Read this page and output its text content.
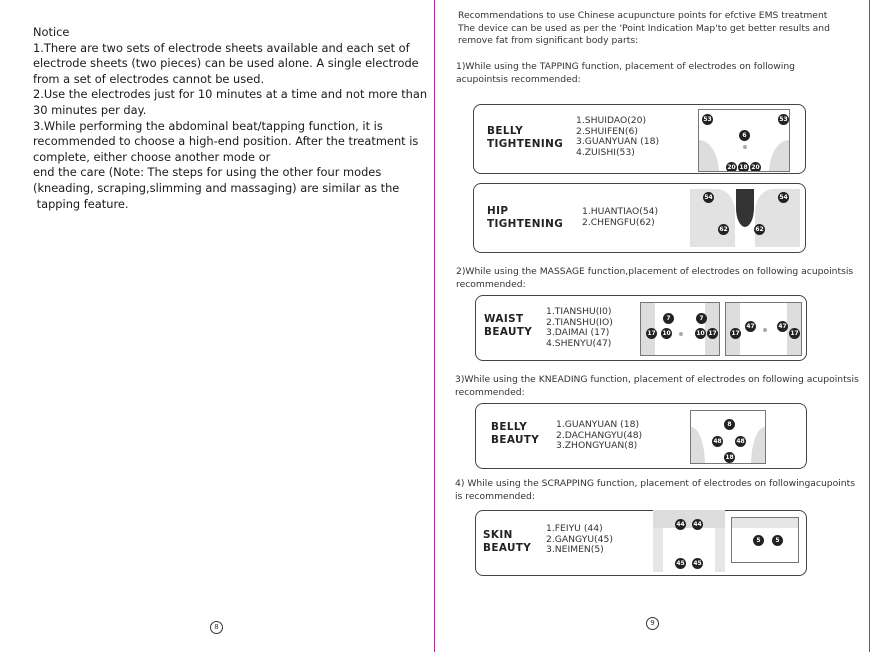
Notice
1.There are two sets of electrode sheets available and each set of
electrode sheets (two pieces) can be used alone. A single electrode
from a set of electrodes cannot be used.
2.Use the electrodes just for 10 minutes at a time and not more than
30 minutes per day.
3.While performing the abdominal beat/tapping function, it is
recommended to choose a high-end position. After the treatment is
complete, either choose another mode or
end the care (Note: The steps for using the other four modes
(kneading, scraping,slimming and massaging) are similar as the
tapping feature.
8
Recommendations to use Chinese acupuncture points for efctive EMS treatment
The device can be used as per the 'Point Indication Map'to get better results and
remove fat from significant body parts:
1)While using the TAPPING function, placement of electrodes on following
acupointsis recommended:
BELLY
TIGHTENING
1.SHUIDAO(20)
2.SHUIFEN(6)
3.GUANYUAN (18)
4.ZUISHI(53)
53	53
6
20 18 20
HIP
TIGHTENING
1.HUANTIAO(54)
2.CHENGFU(62)
54	54
62	62
2)While using the MASSAGE function,placement of electrodes on following acupointsis
recommended:
WAIST
BEAUTY
1.TIANSHU(I0)
2.TIANSHU(IO)
3.DAIMAI (17)
4.SHENYU(47)
7	7
17 10	10 17 17
47	47
17
3)While using the KNEADING function, placement of electrodes on following acupointsis
recommended:
BELLY
BEAUTY
1.GUANYUAN (18)
2.DACHANGYU(48)
3.ZHONGYUAN(8)
8
48 48
18
4) While using the SCRAPPING function, placement of electrodes on followingacupoints
is recommended:
SKIN
BEAUTY
1.FEIYU (44)
2.GANGYU(45)
3.NEIMEN(5)
44 44
45 45
5	5
9
